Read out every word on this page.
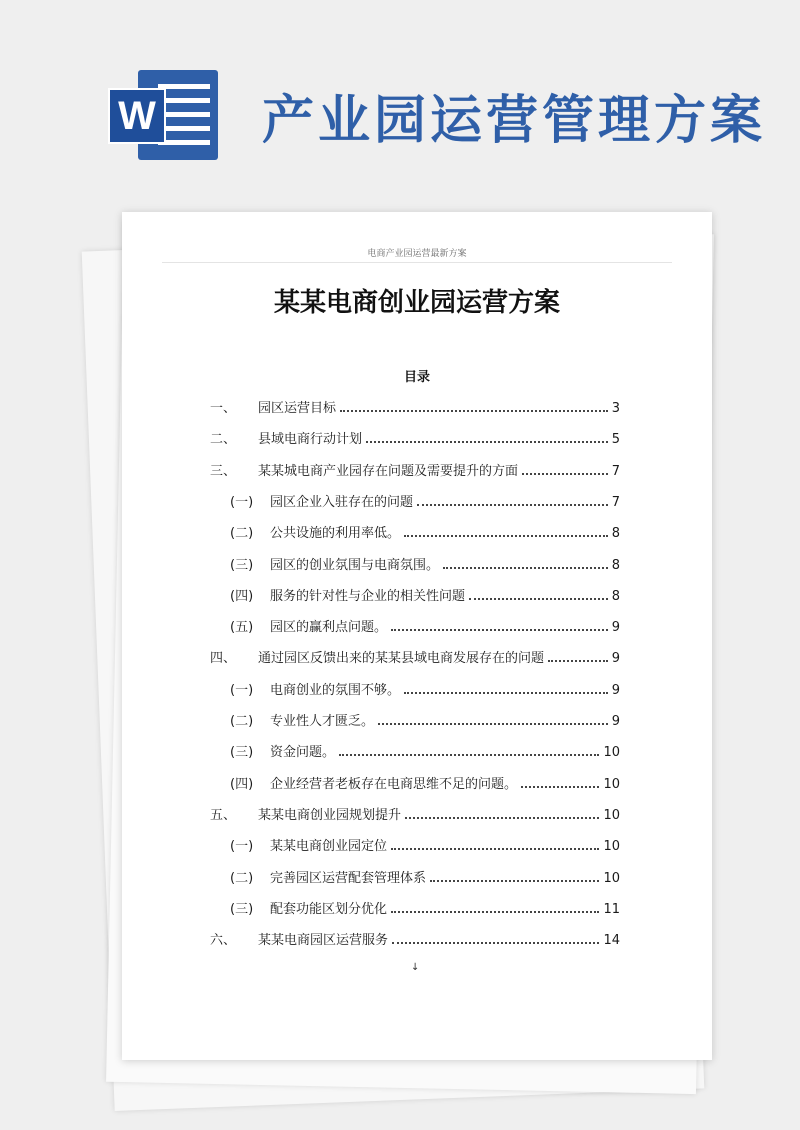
W 产业园运营管理方案
电商产业园运营最新方案
某某电商创业园运营方案
目录
一、	园区运营目标	3
二、	县域电商行动计划	5
三、	某某城电商产业园存在问题及需要提升的方面	7
(一)	园区企业入驻存在的问题	7
(二)	公共设施的利用率低。	8
(三)	园区的创业氛围与电商氛围。	8
(四)	服务的针对性与企业的相关性问题	8
(五)	园区的赢利点问题。	9
四、	通过园区反馈出来的某某县域电商发展存在的问题	9
(一)	电商创业的氛围不够。	9
(二)	专业性人才匮乏。	9
(三)	资金问题。	10
(四)	企业经营者老板存在电商思维不足的问题。	10
五、	某某电商创业园规划提升	10
(一)	某某电商创业园定位	10
(二)	完善园区运营配套管理体系	10
(三)	配套功能区划分优化	11
六、	某某电商园区运营服务	14
↓
